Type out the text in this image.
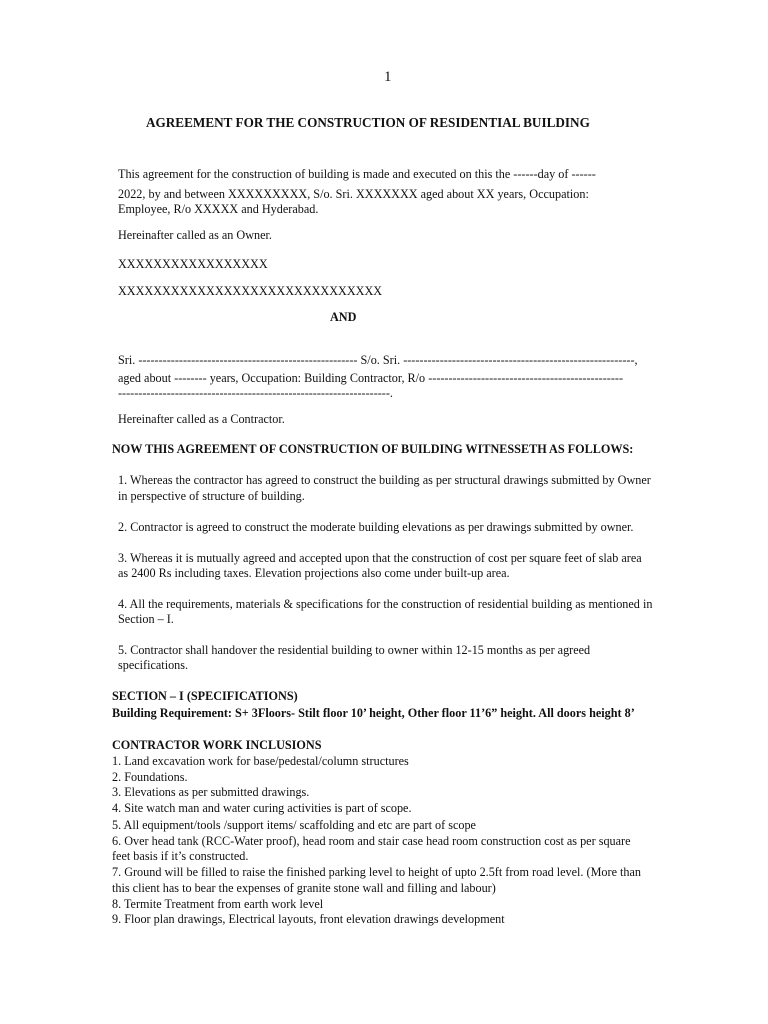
1

AGREEMENT FOR THE CONSTRUCTION OF RESIDENTIAL BUILDING

This agreement for the construction of building is made and executed on this the ------day of ------

2022, by and between XXXXXXXXX, S/o. Sri. XXXXXXX aged about XX years, Occupation:

Employee, R/o XXXXX and Hyderabad.

Hereinafter called as an Owner.

XXXXXXXXXXXXXXXXX

XXXXXXXXXXXXXXXXXXXXXXXXXXXXXX

AND

Sri. ------------------------------------------------------ S/o. Sri. ---------------------------------------------------------,

aged about -------- years, Occupation: Building Contractor, R/o ------------------------------------------------

-------------------------------------------------------------------.

Hereinafter called as a Contractor.

NOW THIS AGREEMENT OF CONSTRUCTION OF BUILDING WITNESSETH AS FOLLOWS:

1. Whereas the contractor has agreed to construct the building as per structural drawings submitted by Owner

in perspective of structure of building.

2. Contractor is agreed to construct the moderate building elevations as per drawings submitted by owner.

3. Whereas it is mutually agreed and accepted upon that the construction of cost per square feet of slab area

as 2400 Rs including taxes. Elevation projections also come under built-up area.

4. All the requirements, materials & specifications for the construction of residential building as mentioned in

Section – I.

5. Contractor shall handover the residential building to owner within 12-15 months as per agreed

specifications.

SECTION – I (SPECIFICATIONS)

Building Requirement: S+ 3Floors- Stilt floor 10’ height, Other floor 11’6” height. All doors height 8’

CONTRACTOR WORK INCLUSIONS

1. Land excavation work for base/pedestal/column structures

2. Foundations.

3. Elevations as per submitted drawings.

4. Site watch man and water curing activities is part of scope.

5. All equipment/tools /support items/ scaffolding and etc are part of scope

6. Over head tank (RCC-Water proof), head room and stair case head room construction cost as per square

feet basis if it’s constructed.

7. Ground will be filled to raise the finished parking level to height of upto 2.5ft from road level. (More than

this client has to bear the expenses of granite stone wall and filling and labour)

8. Termite Treatment from earth work level

9. Floor plan drawings, Electrical layouts, front elevation drawings development
